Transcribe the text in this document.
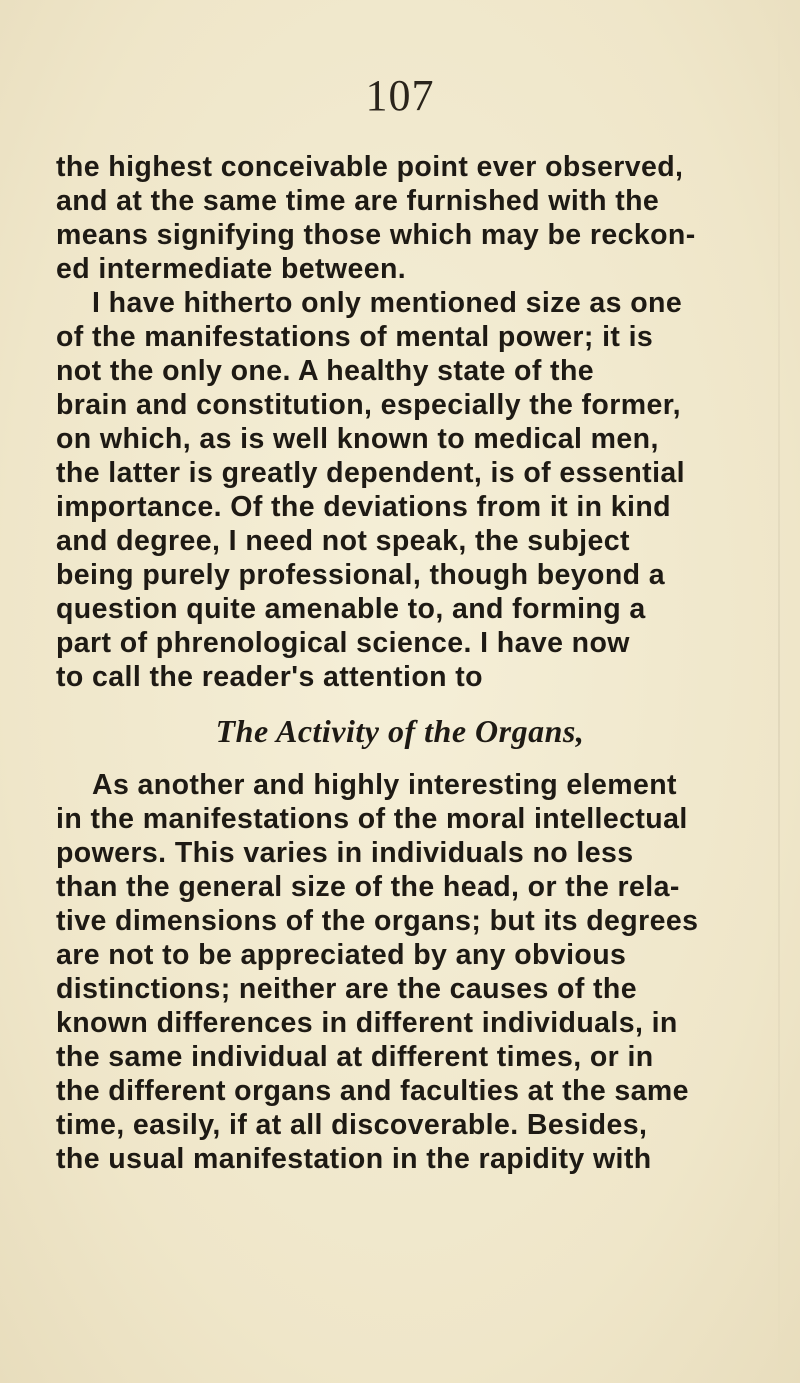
107
the highest conceivable point ever observed,
and at the same time are furnished with the
means signifying those which may be reckon-
ed intermediate between.
I have hitherto only mentioned size as one
of the manifestations of mental power; it is
not the only one. A healthy state of the
brain and constitution, especially the former,
on which, as is well known to medical men,
the latter is greatly dependent, is of essential
importance. Of the deviations from it in kind
and degree, I need not speak, the subject
being purely professional, though beyond a
question quite amenable to, and forming a
part of phrenological science. I have now
to call the reader's attention to
The Activity of the Organs,
As another and highly interesting element
in the manifestations of the moral intellectual
powers. This varies in individuals no less
than the general size of the head, or the rela-
tive dimensions of the organs; but its degrees
are not to be appreciated by any obvious
distinctions; neither are the causes of the
known differences in different individuals, in
the same individual at different times, or in
the different organs and faculties at the same
time, easily, if at all discoverable. Besides,
the usual manifestation in the rapidity with
